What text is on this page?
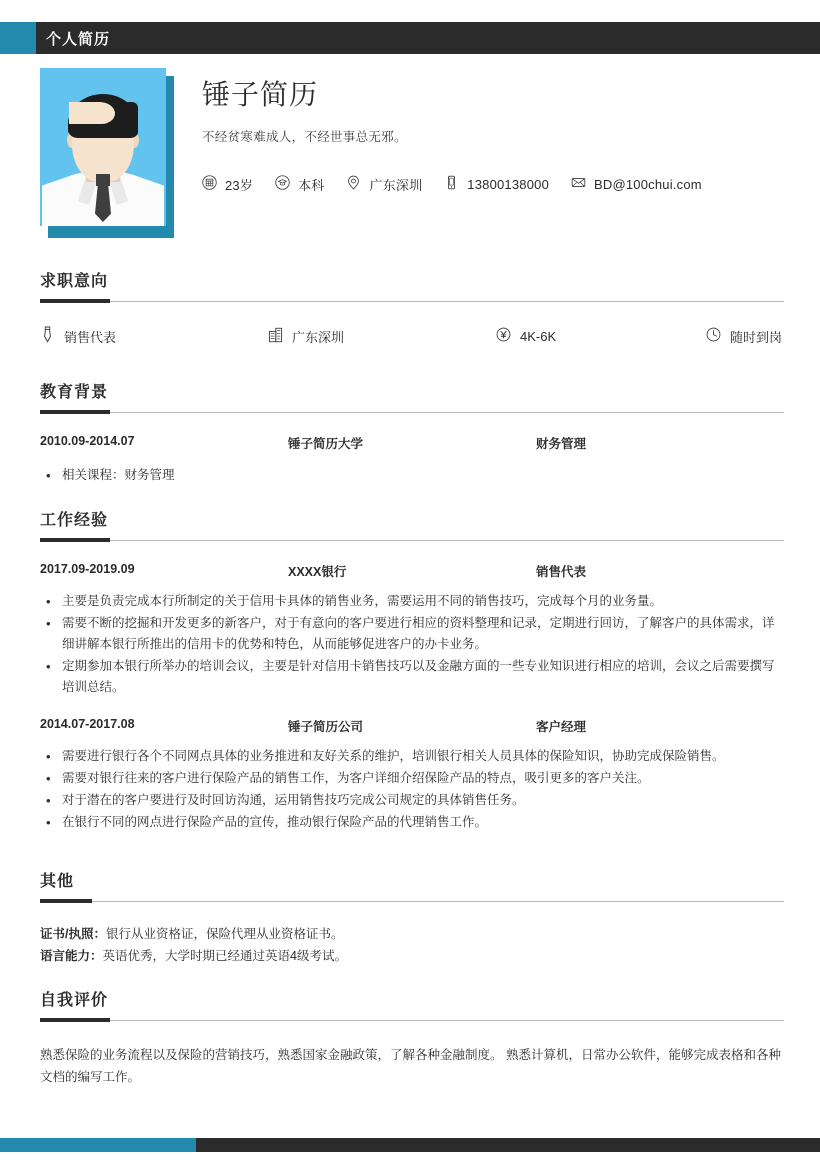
个人简历
锤子简历
不经贫寒难成人，不经世事总无邪。
23岁	本科	广东深圳	13800138000	BD@100chui.com
求职意向
销售代表	广东深圳	4K-6K	随时到岗
教育背景
2010.09-2014.07	锤子简历大学	财务管理
• 相关课程：财务管理
工作经验
2017.09-2019.09	XXXX银行	销售代表
• 主要是负责完成本行所制定的关于信用卡具体的销售业务，需要运用不同的销售技巧，完成每个月的业务量。
• 需要不断的挖掘和开发更多的新客户，对于有意向的客户要进行相应的资料整理和记录，定期进行回访，了解客户的具体需求，详细讲解本银行所推出的信用卡的优势和特色，从而能够促进客户的办卡业务。
• 定期参加本银行所举办的培训会议，主要是针对信用卡销售技巧以及金融方面的一些专业知识进行相应的培训，会议之后需要撰写培训总结。
2014.07-2017.08	锤子简历公司	客户经理
• 需要进行银行各个不同网点具体的业务推进和友好关系的维护，培训银行相关人员具体的保险知识，协助完成保险销售。
• 需要对银行往来的客户进行保险产品的销售工作，为客户详细介绍保险产品的特点，吸引更多的客户关注。
• 对于潜在的客户要进行及时回访沟通，运用销售技巧完成公司规定的具体销售任务。
• 在银行不同的网点进行保险产品的宣传，推动银行保险产品的代理销售工作。
其他
证书/执照：银行从业资格证，保险代理从业资格证书。
语言能力：英语优秀，大学时期已经通过英语4级考试。
自我评价
熟悉保险的业务流程以及保险的营销技巧，熟悉国家金融政策，了解各种金融制度。 熟悉计算机，日常办公软件，能够完成表格和各种文档的编写工作。
